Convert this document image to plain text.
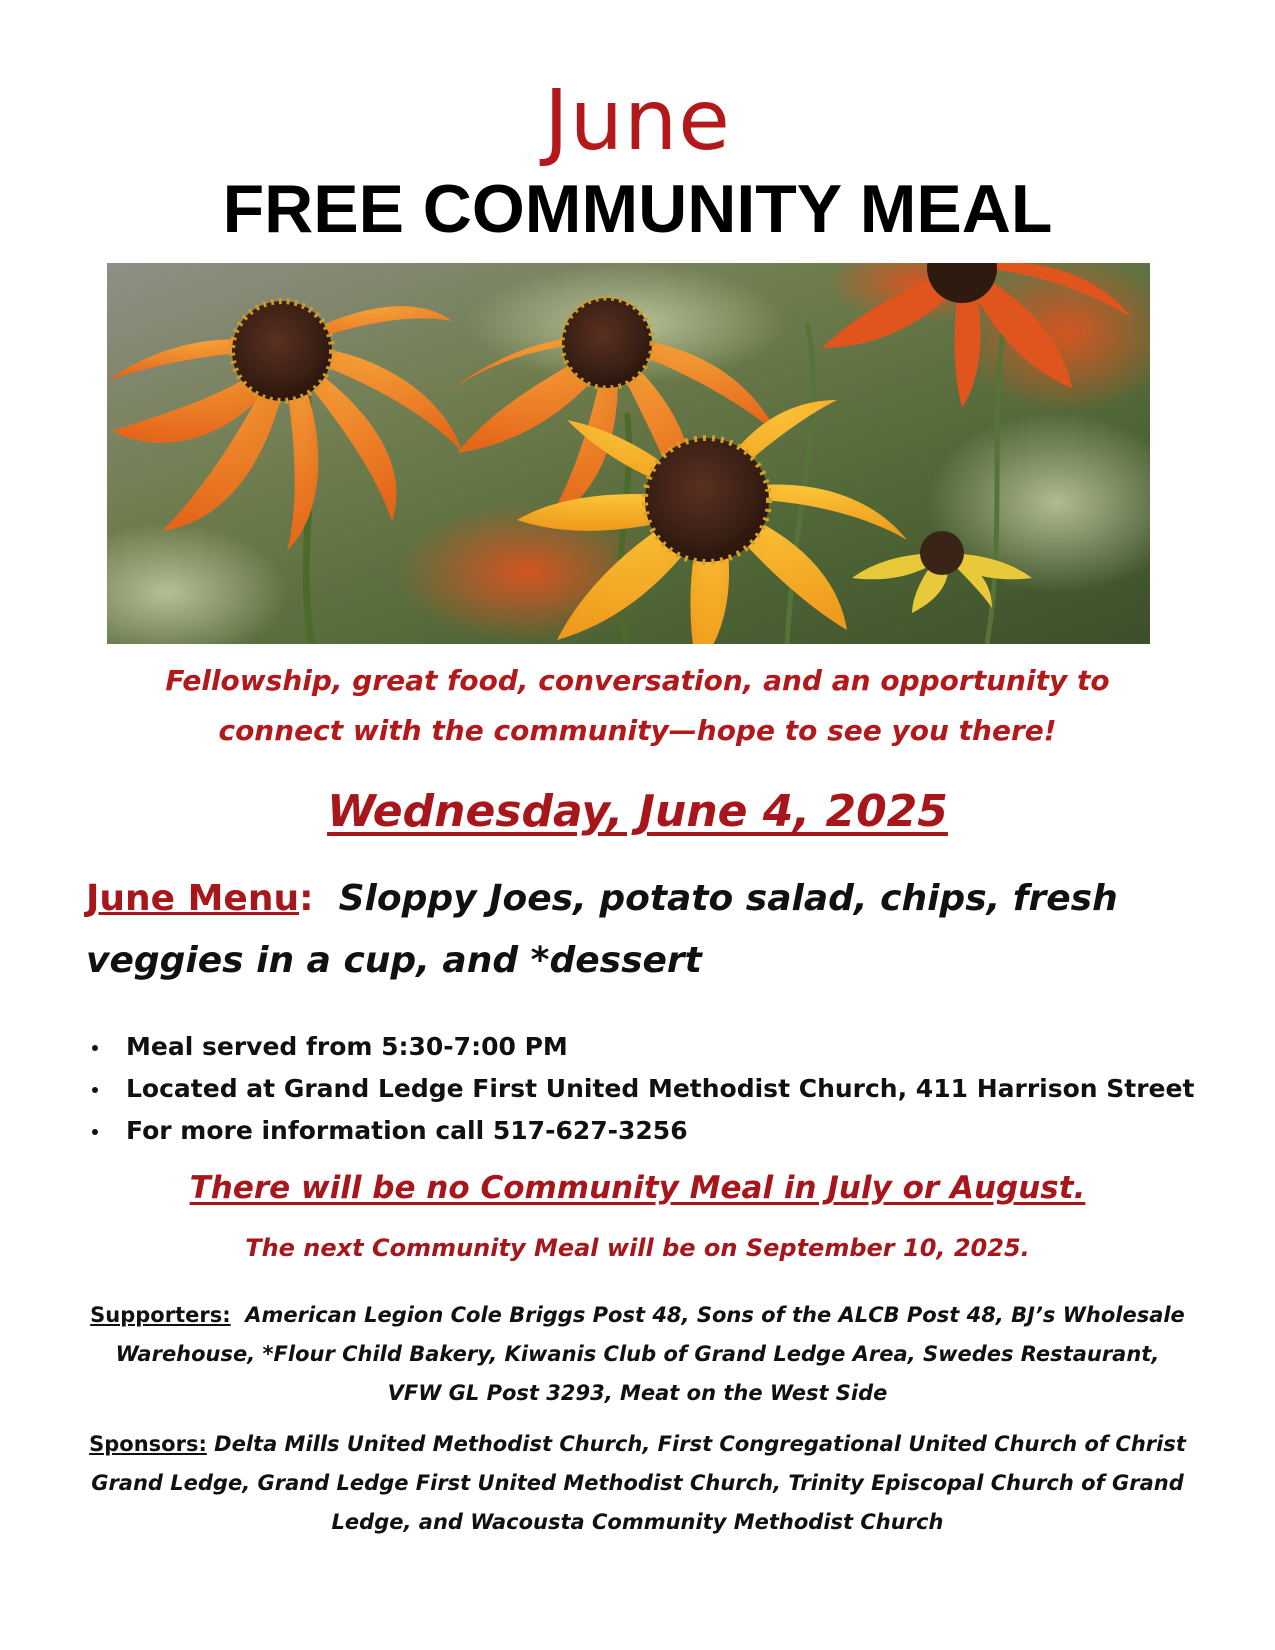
June
FREE COMMUNITY MEAL
Fellowship, great food, conversation, and an opportunity to connect with the community—hope to see you there!
Wednesday, June 4, 2025
June Menu: Sloppy Joes, potato salad, chips, fresh veggies in a cup, and *dessert
Meal served from 5:30-7:00 PM
Located at Grand Ledge First United Methodist Church, 411 Harrison Street
For more information call 517-627-3256
There will be no Community Meal in July or August.
The next Community Meal will be on September 10, 2025.
Supporters: American Legion Cole Briggs Post 48, Sons of the ALCB Post 48, BJ’s Wholesale Warehouse, *Flour Child Bakery, Kiwanis Club of Grand Ledge Area, Swedes Restaurant, VFW GL Post 3293, Meat on the West Side
Sponsors: Delta Mills United Methodist Church, First Congregational United Church of Christ Grand Ledge, Grand Ledge First United Methodist Church, Trinity Episcopal Church of Grand Ledge, and Wacousta Community Methodist Church
